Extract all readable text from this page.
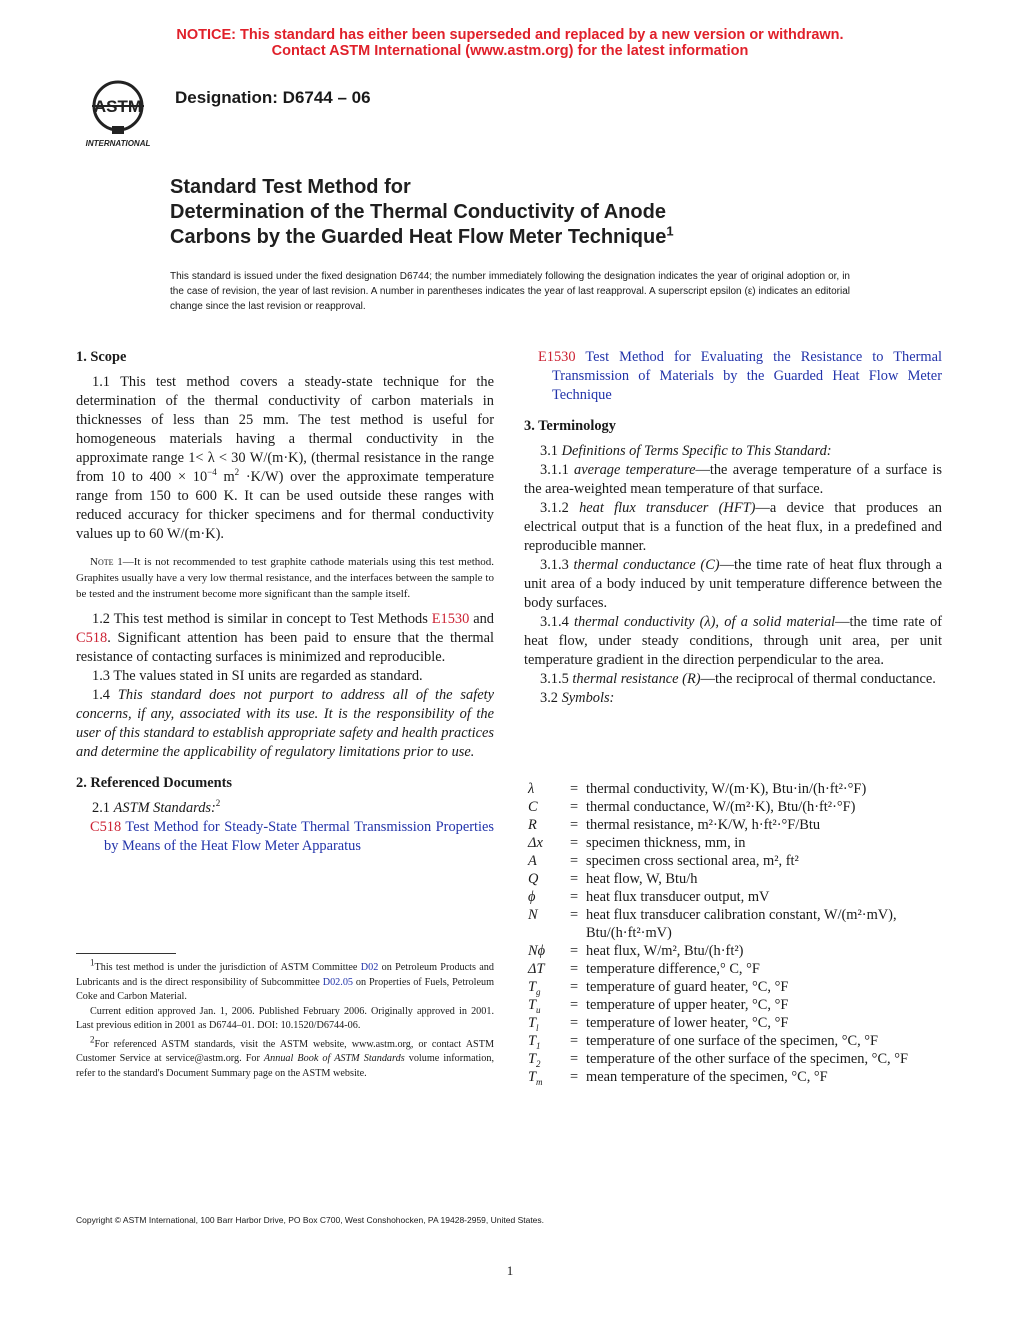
NOTICE: This standard has either been superseded and replaced by a new version or withdrawn.
Contact ASTM International (www.astm.org) for the latest information
ASTM
INTERNATIONAL
Designation: D6744 – 06
Standard Test Method for
Determination of the Thermal Conductivity of Anode
Carbons by the Guarded Heat Flow Meter Technique$^1$
This standard is issued under the fixed designation D6744; the number immediately following the designation indicates the year of original adoption or, in the case of revision, the year of last revision. A number in parentheses indicates the year of last reapproval. A superscript epsilon (ε) indicates an editorial change since the last revision or reapproval.
1. Scope

1.1 This test method covers a steady-state technique for the determination of the thermal conductivity of carbon materials in thicknesses of less than 25 mm. The test method is useful for homogeneous materials having a thermal conductivity in the approximate range 1< λ < 30 W/(m·K), (thermal resistance in the range from 10 to $400 \times 10^{-4}$ $m^2 \cdot K/W$) over the approximate temperature range from 150 to 600 K. It can be used outside these ranges with reduced accuracy for thicker specimens and for thermal conductivity values up to 60 W/(m·K).

Note 1—It is not recommended to test graphite cathode materials using this test method. Graphites usually have a very low thermal resistance, and the interfaces between the sample to be tested and the instrument become more significant than the sample itself.

1.2 This test method is similar in concept to Test Methods E1530 and C518. Significant attention has been paid to ensure that the thermal resistance of contacting surfaces is minimized and reproducible.

1.3 The values stated in SI units are regarded as standard.

1.4 This standard does not purport to address all of the safety concerns, if any, associated with its use. It is the responsibility of the user of this standard to establish appropriate safety and health practices and determine the applicability of regulatory limitations prior to use.

2. Referenced Documents

2.1 ASTM Standards:$^2$

C518 Test Method for Steady-State Thermal Transmission Properties by Means of the Heat Flow Meter Apparatus

$^1$This test method is under the jurisdiction of ASTM Committee D02 on Petroleum Products and Lubricants and is the direct responsibility of Subcommittee D02.05 on Properties of Fuels, Petroleum Coke and Carbon Material.

Current edition approved Jan. 1, 2006. Published February 2006. Originally approved in 2001. Last previous edition in 2001 as D6744–01. DOI: 10.1520/D6744-06.

$^2$For referenced ASTM standards, visit the ASTM website, www.astm.org, or contact ASTM Customer Service at service@astm.org. For Annual Book of ASTM Standards volume information, refer to the standard's Document Summary page on the ASTM website.

E1530 Test Method for Evaluating the Resistance to Thermal Transmission of Materials by the Guarded Heat Flow Meter Technique

3. Terminology

3.1 Definitions of Terms Specific to This Standard:

3.1.1 average temperature—the average temperature of a surface is the area-weighted mean temperature of that surface.

3.1.2 heat flux transducer (HFT)—a device that produces an electrical output that is a function of the heat flux, in a predefined and reproducible manner.

3.1.3 thermal conductance (C)—the time rate of heat flux through a unit area of a body induced by unit temperature difference between the body surfaces.

3.1.4 thermal conductivity (λ), of a solid material—the time rate of heat flow, under steady conditions, through unit area, per unit temperature gradient in the direction perpendicular to the area.

3.1.5 thermal resistance (R)—the reciprocal of thermal conductance.

3.2 Symbols:

λ	= thermal conductivity, W/(m·K), Btu·in/(h·ft²·°F)
C	= thermal conductance, W/(m²·K), Btu/(h·ft²·°F)
R	= thermal resistance, m²·K/W, h·ft²·°F/Btu
Δx	= specimen thickness, mm, in
A	= specimen cross sectional area, m², ft²
Q	= heat flow, W, Btu/h
ϕ	= heat flux transducer output, mV
N	= heat flux transducer calibration constant, W/(m²·mV), Btu/(h·ft²·mV)
Nϕ	= heat flux, W/m², Btu/(h·ft²)
ΔT	= temperature difference,° C, °F
$T_g$	= temperature of guard heater, °C, °F
$T_u$	= temperature of upper heater, °C, °F
$T_l$	= temperature of lower heater, °C, °F
$T_1$	= temperature of one surface of the specimen, °C, °F
$T_2$	= temperature of the other surface of the specimen, °C, °F
$T_m$	= mean temperature of the specimen, °C, °F
Copyright © ASTM International, 100 Barr Harbor Drive, PO Box C700, West Conshohocken, PA 19428-2959, United States.
1
